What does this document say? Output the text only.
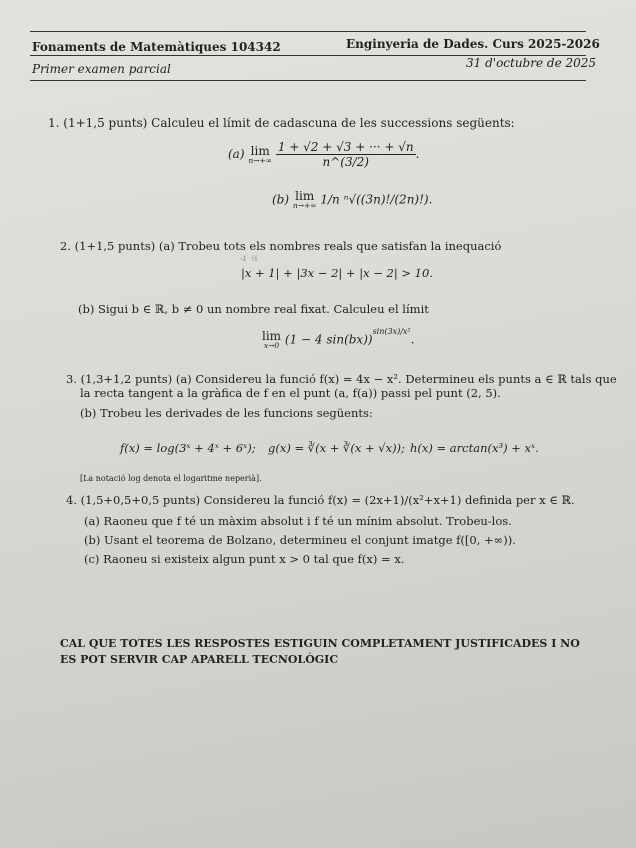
Fonaments de Matemàtiques 104342	Enginyeria de Dades. Curs 2025-2026
Primer examen parcial	31 d'octubre de 2025
1. (1+1,5 punts) Calculeu el límit de cadascuna de les successions següents:
(a) lim
n→+∞
$\frac{1 + √2 + √3 + \cdot\cdot\cdot + √n}{n\^{}(3/2)}$ .
(b) lim
n→+∞ 1/n ⁿ√((3n)!/(2n)!).
2. (1+1,5 punts) (a) Trobeu tots els nombres reals que satisfan la inequació
-1  ½
|x + 1| + |3x − 2| + |x − 2| > 10.
(b) Sigui b ∈ ℝ, b ≠ 0 un nombre real fixat. Calculeu el límit
lim
x→0 (1 − 4 sin(bx))$^{sin(3x)/x^2}$.
3. (1,3+1,2 punts) (a) Considereu la funció f(x) = 4x − x². Determineu els punts a ∈ ℝ tals que
la recta tangent a la gràfica de f en el punt (a, f(a)) passi pel punt (2, 5).
(b) Trobeu les derivades de les funcions següents:
f(x) = log(3ˣ + 4ˣ + 6ˣ); g(x) = ∛(x + ∛(x + √x)); h(x) = arctan(x³) + xˣ.
[La notació log denota el logaritme neperià].
4. (1,5+0,5+0,5 punts) Considereu la funció f(x) = (2x+1)/(x²+x+1) definida per x ∈ ℝ.
(a) Raoneu que f té un màxim absolut i f té un mínim absolut. Trobeu-los.
(b) Usant el teorema de Bolzano, determineu el conjunt imatge f([0, +∞)).
(c) Raoneu si existeix algun punt x > 0 tal que f(x) = x.
CAL QUE TOTES LES RESPOSTES ESTIGUIN COMPLETAMENT JUSTIFICADES I NO ES POT SERVIR CAP APARELL TECNOLÒGIC
